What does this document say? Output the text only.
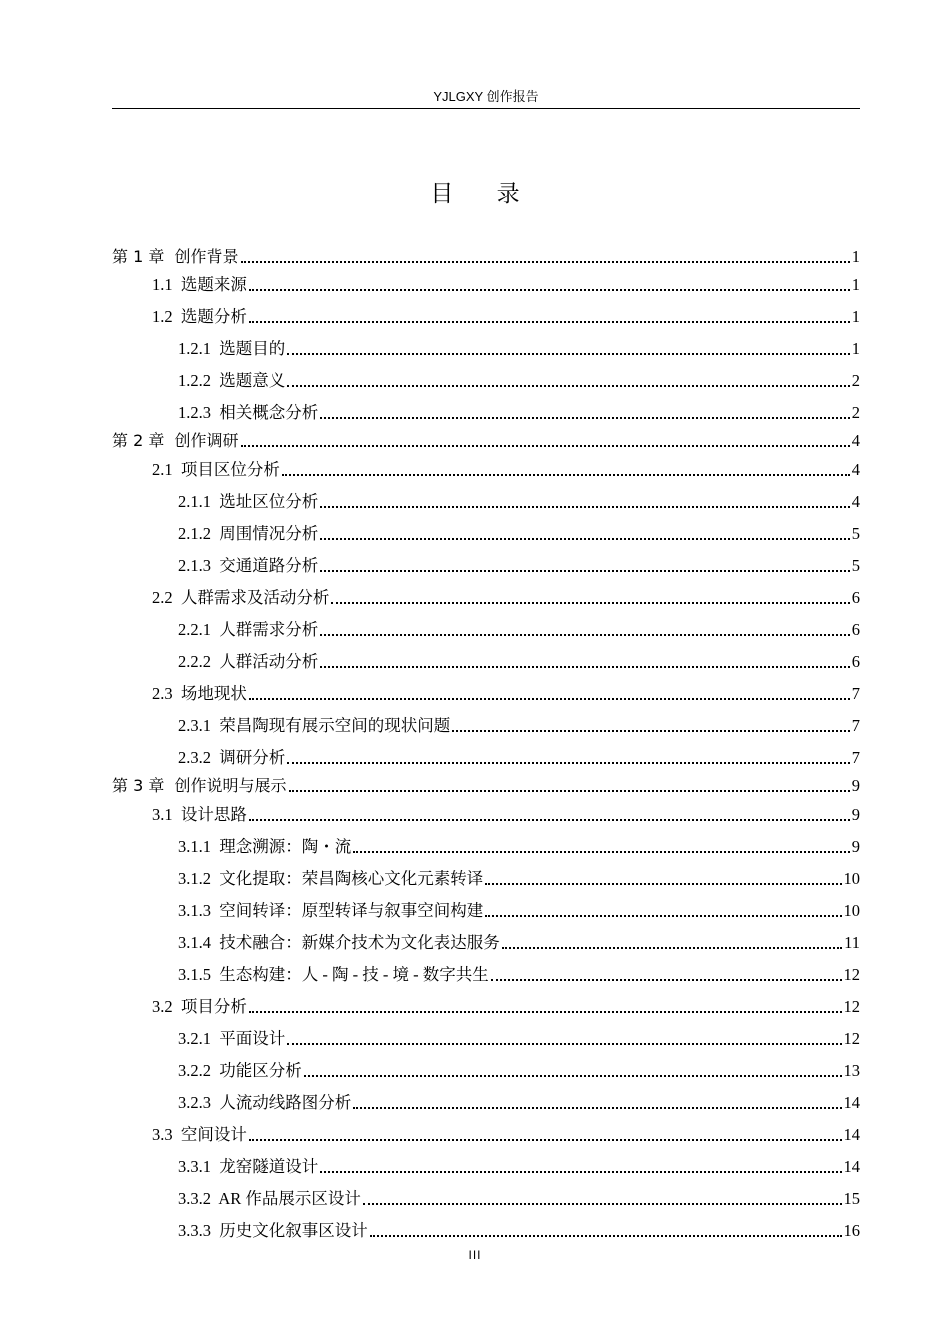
YJLGXY 创作报告
目 录
第 1 章 创作背景	1
1.1 选题来源	1
1.2 选题分析	1
1.2.1 选题目的	1
1.2.2 选题意义	2
1.2.3 相关概念分析	2
第 2 章 创作调研	4
2.1 项目区位分析	4
2.1.1 选址区位分析	4
2.1.2 周围情况分析	5
2.1.3 交通道路分析	5
2.2 人群需求及活动分析	6
2.2.1 人群需求分析	6
2.2.2 人群活动分析	6
2.3 场地现状	7
2.3.1 荣昌陶现有展示空间的现状问题	7
2.3.2 调研分析	7
第 3 章 创作说明与展示	9
3.1 设计思路	9
3.1.1 理念溯源：陶・流	9
3.1.2 文化提取：荣昌陶核心文化元素转译	10
3.1.3 空间转译：原型转译与叙事空间构建	10
3.1.4 技术融合：新媒介技术为文化表达服务	11
3.1.5 生态构建：人 - 陶 - 技 - 境 - 数字共生	12
3.2 项目分析	12
3.2.1 平面设计	12
3.2.2 功能区分析	13
3.2.3 人流动线路图分析	14
3.3 空间设计	14
3.3.1 龙窑隧道设计	14
3.3.2 AR 作品展示区设计	15
3.3.3 历史文化叙事区设计	16
III
